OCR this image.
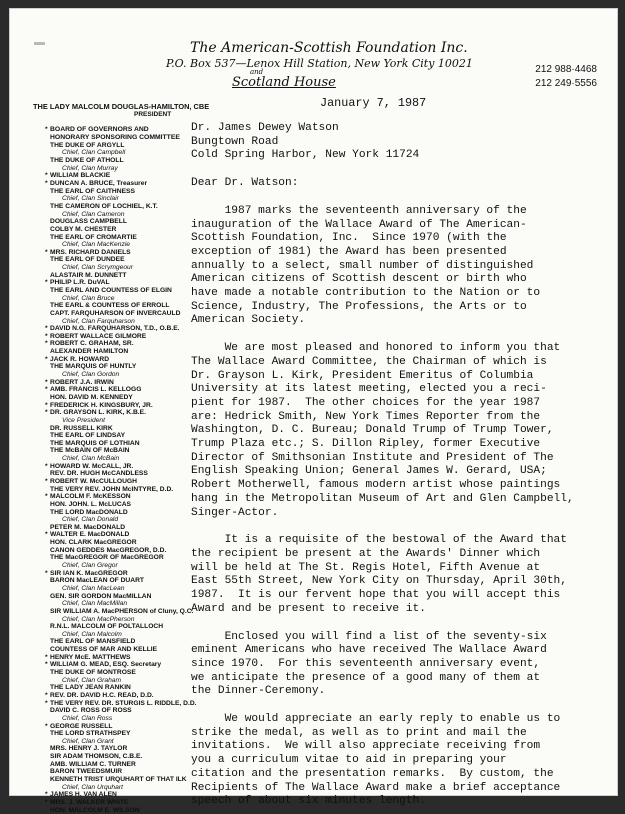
The American-Scottish Foundation Inc.
P.O. Box 537—Lenox Hill Station, New York City 10021
and
Scotland House
212 988·4468
212 249·5556
THE LADY MALCOLM DOUGLAS-HAMILTON, CBE
PRESIDENT
* BOARD OF GOVERNORS AND
HONORARY SPONSORING COMMITTEE
THE DUKE OF ARGYLL
Chief, Clan Campbell
THE DUKE OF ATHOLL
Chief, Clan Murray
* WILLIAM BLACKIE
* DUNCAN A. BRUCE, Treasurer
THE EARL OF CAITHNESS
Chief, Clan Sinclair
THE CAMERON OF LOCHIEL, K.T.
Chief, Clan Cameron
DOUGLASS CAMPBELL
COLBY M. CHESTER
THE EARL OF CROMARTIE
Chief, Clan MacKenzie
* MRS. RICHARD DANIELS
THE EARL OF DUNDEE
Chief, Clan Scrymgeour
ALASTAIR M. DUNNETT
* PHILIP L.R. DuVAL
THE EARL AND COUNTESS OF ELGIN
Chief, Clan Bruce
THE EARL & COUNTESS OF ERROLL
CAPT. FARQUHARSON OF INVERCAULD
Chief, Clan Farquharson
* DAVID N.G. FARQUHARSON, T.D., O.B.E.
* ROBERT WALLACE GILMORE
* ROBERT C. GRAHAM, SR.
ALEXANDER HAMILTON
* JACK R. HOWARD
THE MARQUIS OF HUNTLY
Chief, Clan Gordon
* ROBERT J.A. IRWIN
* AMB. FRANCIS L. KELLOGG
HON. DAVID M. KENNEDY
* FREDERICK H. KINGSBURY, JR.
* DR. GRAYSON L. KIRK, K.B.E.
Vice President
DR. RUSSELL KIRK
THE EARL OF LINDSAY
THE MARQUIS OF LOTHIAN
THE McBAIN OF McBAIN
Chief, Clan McBain
* HOWARD W. McCALL, JR.
REV. DR. HUGH McCANDLESS
* ROBERT W. McCULLOUGH
THE VERY REV. JOHN McINTYRE, D.D.
* MALCOLM F. McKESSON
HON. JOHN. L. McLUCAS
THE LORD MacDONALD
Chief, Clan Donald
PETER M. MacDONALD
* WALTER E. MacDONALD
HON. CLARK MacGREGOR
CANON GEDDES MacGREGOR, D.D.
THE MacGREGOR OF MacGREGOR
Chief, Clan Gregor
* SIR IAN K. MacGREGOR
BARON MacLEAN OF DUART
Chief, Clan MacLean
GEN. SIR GORDON MacMILLAN
Chief, Clan MacMillan
SIR WILLIAM A. MacPHERSON of Cluny, Q.C.
Chief, Clan MacPherson
R.N.L. MALCOLM OF POLTALLOCH
Chief, Clan Malcolm
THE EARL OF MANSFIELD
COUNTESS OF MAR AND KELLIE
* HENRY McE. MATTHEWS
* WILLIAM G. MEAD, ESQ. Secretary
THE DUKE OF MONTROSE
Chief, Clan Graham
THE LADY JEAN RANKIN
* REV. DR. DAVID H.C. READ, D.D.
* THE VERY REV. DR. STURGIS L. RIDDLE, D.D.
DAVID C. ROSS OF ROSS
Chief, Clan Ross
* GEORGE RUSSELL
THE LORD STRATHSPEY
Chief, Clan Grant
MRS. HENRY J. TAYLOR
SIR ADAM THOMSON, C.B.E.
AMB. WILLIAM C. TURNER
BARON TWEEDSMUIR
KENNETH TRIST URQUHART OF THAT ILK
Chief, Clan Urquhart
* JAMES H. VAN ALEN
* MRS. J. WALKER WHITE
HON. MALCOLM E. WILSON
January 7, 1987

Dr. James Dewey Watson

Bungtown Road

Cold Spring Harbor, New York 11724

Dear Dr. Watson:

1987 marks the seventeenth anniversary of the

inauguration of the Wallace Award of The American-

Scottish Foundation, Inc.  Since 1970 (with the

exception of 1981) the Award has been presented

annually to a select, small number of distinguished

American citizens of Scottish descent or birth who

have made a notable contribution to the Nation or to

Science, Industry, The Professions, the Arts or to

American Society.

We are most pleased and honored to inform you that

The Wallace Award Committee, the Chairman of which is

Dr. Grayson L. Kirk, President Emeritus of Columbia

University at its latest meeting, elected you a reci-

pient for 1987.  The other choices for the year 1987

are: Hedrick Smith, New York Times Reporter from the

Washington, D. C. Bureau; Donald Trump of Trump Tower,

Trump Plaza etc.; S. Dillon Ripley, former Executive

Director of Smithsonian Institute and President of The

English Speaking Union; General James W. Gerard, USA;

Robert Motherwell, famous modern artist whose paintings

hang in the Metropolitan Museum of Art and Glen Campbell,

Singer-Actor.

It is a requisite of the bestowal of the Award that

the recipient be present at the Awards' Dinner which

will be held at The St. Regis Hotel, Fifth Avenue at

East 55th Street, New York City on Thursday, April 30th,

1987.  It is our fervent hope that you will accept this

Award and be present to receive it.

Enclosed you will find a list of the seventy-six

eminent Americans who have received The Wallace Award

since 1970.  For this seventeenth anniversary event,

we anticipate the presence of a good many of them at

the Dinner-Ceremony.

We would appreciate an early reply to enable us to

strike the medal, as well as to print and mail the

invitations.  We will also appreciate receiving from

you a curriculum vitae to aid in preparing your

citation and the presentation remarks.  By custom, the

Recipients of The Wallace Award make a brief acceptance

speech of about six minutes length.
